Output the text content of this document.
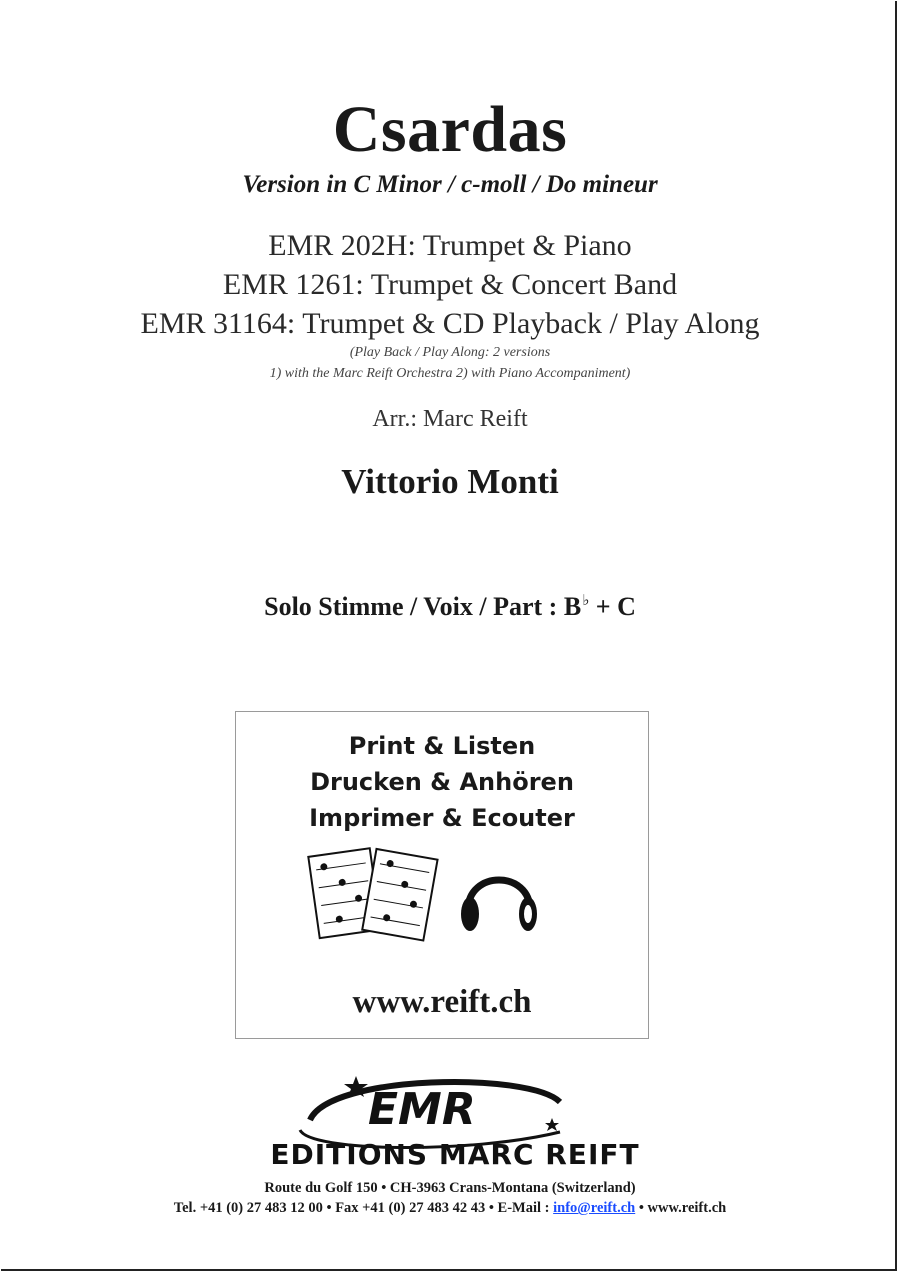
Csardas
Version in C Minor / c-moll / Do mineur
EMR 202H: Trumpet & Piano
EMR 1261: Trumpet & Concert Band
EMR 31164: Trumpet & CD Playback / Play Along
(Play Back / Play Along: 2 versions
1) with the Marc Reift Orchestra 2) with Piano Accompaniment)
Arr.: Marc Reift
Vittorio Monti
Solo Stimme / Voix / Part : B♭ + C
Print & Listen
Drucken & Anhören
Imprimer & Ecouter
www.reift.ch
EMR
EDITIONS MARC REIFT
Route du Golf 150 • CH-3963 Crans-Montana (Switzerland)
Tel. +41 (0) 27 483 12 00 • Fax +41 (0) 27 483 42 43 • E-Mail : info@reift.ch • www.reift.ch
